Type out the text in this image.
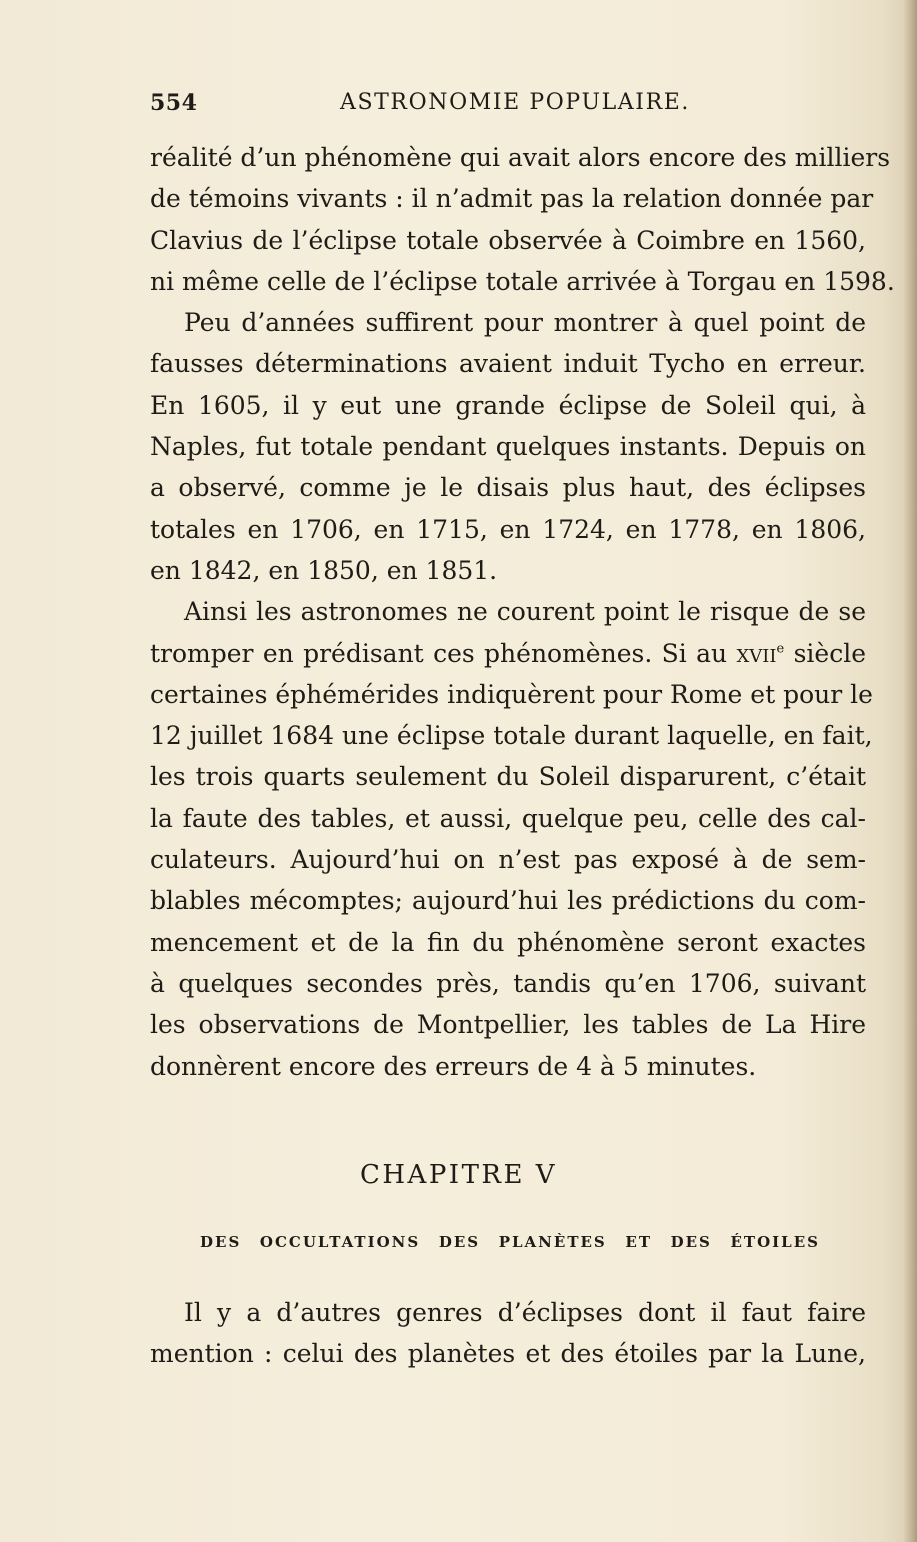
554	ASTRONOMIE POPULAIRE.
réalité d’un phénomène qui avait alors encore des milliers
de témoins vivants : il n’admit pas la relation donnée par
Clavius de l’éclipse totale observée à Coimbre en 1560,
ni même celle de l’éclipse totale arrivée à Torgau en 1598.
Peu d’années suffirent pour montrer à quel point de
fausses déterminations avaient induit Tycho en erreur.
En 1605, il y eut une grande éclipse de Soleil qui, à
Naples, fut totale pendant quelques instants. Depuis on
a observé, comme je le disais plus haut, des éclipses
totales en 1706, en 1715, en 1724, en 1778, en 1806,
en 1842, en 1850, en 1851.
Ainsi les astronomes ne courent point le risque de se
tromper en prédisant ces phénomènes. Si au xvii$^e$ siècle
certaines éphémérides indiquèrent pour Rome et pour le
12 juillet 1684 une éclipse totale durant laquelle, en fait,
les trois quarts seulement du Soleil disparurent, c’était
la faute des tables, et aussi, quelque peu, celle des cal-
culateurs. Aujourd’hui on n’est pas exposé à de sem-
blables mécomptes; aujourd’hui les prédictions du com-
mencement et de la fin du phénomène seront exactes
à quelques secondes près, tandis qu’en 1706, suivant
les observations de Montpellier, les tables de La Hire
donnèrent encore des erreurs de 4 à 5 minutes.
CHAPITRE V
DES OCCULTATIONS DES PLANÈTES ET DES ÉTOILES
Il y a d’autres genres d’éclipses dont il faut faire
mention : celui des planètes et des étoiles par la Lune,
